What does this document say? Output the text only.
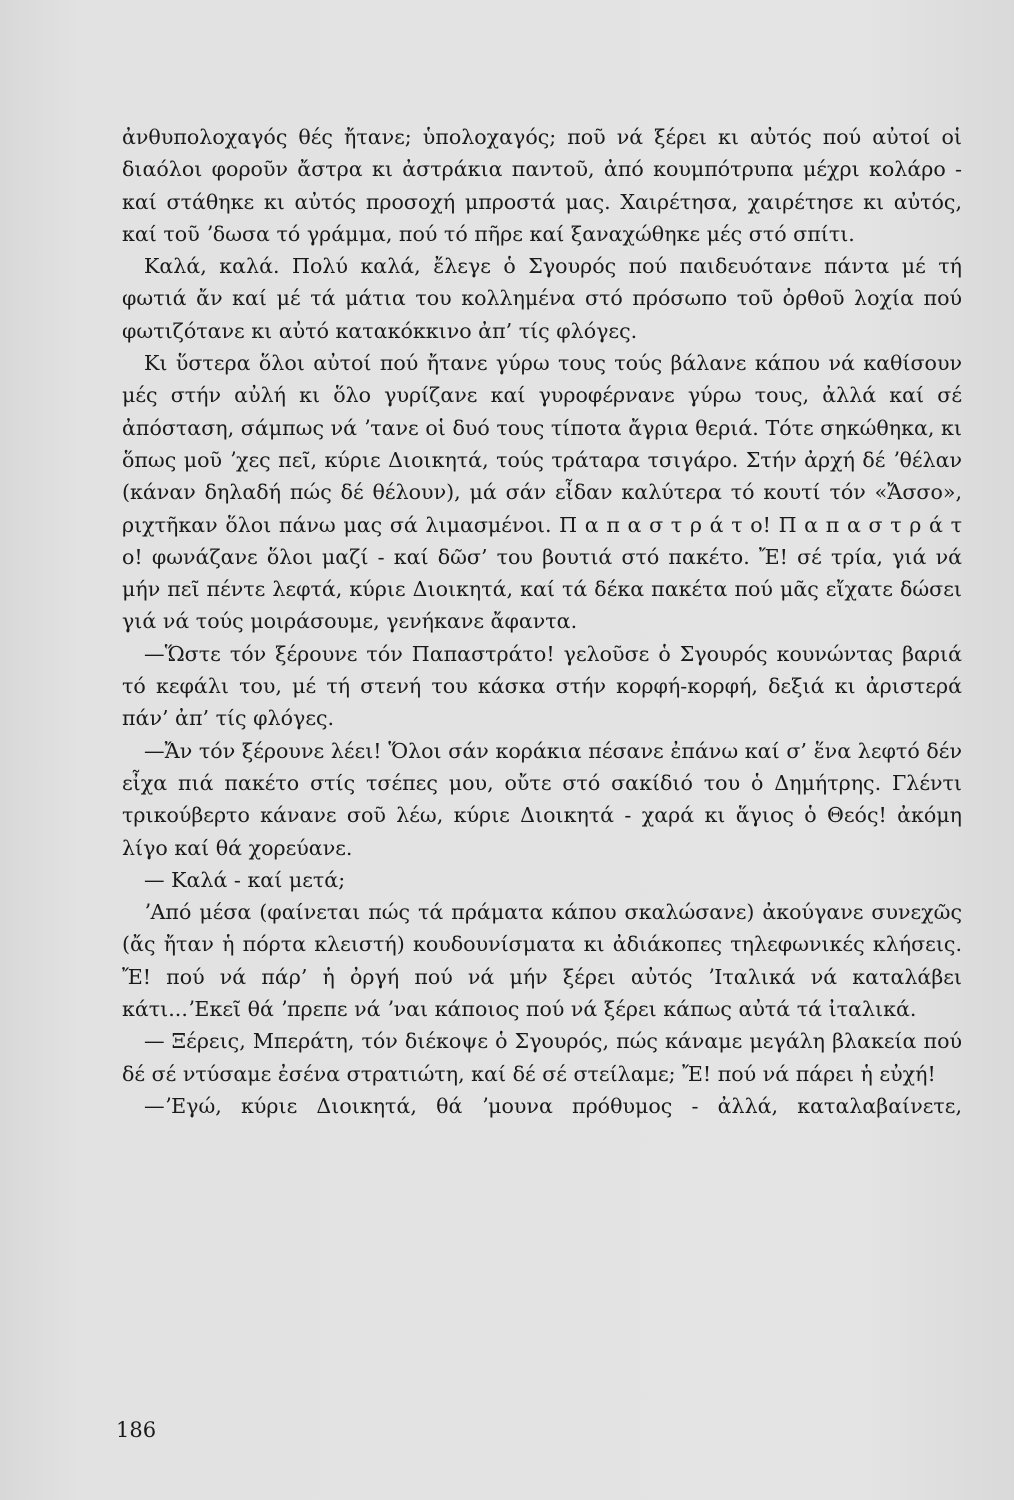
ἀνθυπολοχαγός θές ἤτανε; ὑπολοχαγός; ποῦ νά ξέρει κι αὐτός πού αὐτοί οἱ διαόλοι φοροῦν ἄστρα κι ἀστράκια παντοῦ, ἀπό κουμπότρυπα μέχρι κολάρο - καί στάθηκε κι αὐτός προσοχή μπροστά μας. Χαιρέτησα, χαιρέτησε κι αὐτός, καί τοῦ ʼδωσα τό γράμμα, πού τό πῆρε καί ξαναχώθηκε μές στό σπίτι.

Καλά, καλά. Πολύ καλά, ἔλεγε ὁ Σγουρός πού παιδευότανε πάντα μέ τή φωτιά ἄν καί μέ τά μάτια του κολλημένα στό πρόσωπο τοῦ ὀρθοῦ λοχία πού φωτιζότανε κι αὐτό κατακόκκινο ἀπ’ τίς φλόγες.

Κι ὕστερα ὅλοι αὐτοί πού ἤτανε γύρω τους τούς βάλανε κάπου νά καθίσουν μές στήν αὐλή κι ὅλο γυρίζανε καί γυροφέρνανε γύρω τους, ἀλλά καί σέ ἀπόσταση, σάμπως νά ʼτανε οἱ δυό τους τίποτα ἄγρια θεριά. Τότε σηκώθηκα, κι ὅπως μοῦ ʼχες πεῖ, κύριε Διοικητά, τούς τράταρα τσιγάρο. Στήν ἀρχή δέ ʼθέλαν (κάναν δηλαδή πώς δέ θέλουν), μά σάν εἶδαν καλύτερα τό κουτί τόν «Ἄσσο», ριχτῆκαν ὅλοι πάνω μας σά λιμασμένοι. Π α π α σ τ ρ ά τ ο! Π α π α σ τ ρ ά τ ο! φωνάζανε ὅλοι μαζί - καί δῶσ’ του βουτιά στό πακέτο. Ἔ! σέ τρία, γιά νά μήν πεῖ πέντε λεφτά, κύριε Διοικητά, καί τά δέκα πακέτα πού μᾶς εἴχατε δώσει γιά νά τούς μοιράσουμε, γενήκανε ἄφαντα.

—Ὥστε τόν ξέρουνε τόν Παπαστράτο! γελοῦσε ὁ Σγουρός κουνώντας βαριά τό κεφάλι του, μέ τή στενή του κάσκα στήν κορφή-κορφή, δεξιά κι ἀριστερά πάν’ ἀπ’ τίς φλόγες.

—Ἄν τόν ξέρουνε λέει! Ὅλοι σάν κοράκια πέσανε ἐπάνω καί σ’ ἕνα λεφτό δέν εἶχα πιά πακέτο στίς τσέπες μου, οὔτε στό σακίδιό του ὁ Δημήτρης. Γλέντι τρικούβερτο κάνανε σοῦ λέω, κύριε Διοικητά - χαρά κι ἅγιος ὁ Θεός! ἀκόμη λίγο καί θά χορεύανε.

— Καλά - καί μετά;

ʼΑπό μέσα (φαίνεται πώς τά πράματα κάπου σκαλώσανε) ἀκούγανε συνεχῶς (ἄς ἤταν ἡ πόρτα κλειστή) κουδουνίσματα κι ἀδιάκοπες τηλεφωνικές κλήσεις. Ἔ! πού νά πάρ’ ἡ ὀργή πού νά μήν ξέρει αὐτός ʼΙταλικά νά καταλάβει κάτι...ʼΕκεῖ θά ʼπρεπε νά ʼναι κάποιος πού νά ξέρει κάπως αὐτά τά ἰταλικά.

— Ξέρεις, Μπεράτη, τόν διέκοψε ὁ Σγουρός, πώς κάναμε μεγάλη βλακεία πού δέ σέ ντύσαμε ἐσένα στρατιώτη, καί δέ σέ στείλαμε; Ἔ! πού νά πάρει ἡ εὐχή!

—ʼΕγώ, κύριε Διοικητά, θά ʼμουνα πρόθυμος - ἀλλά, καταλαβαίνετε,

186
